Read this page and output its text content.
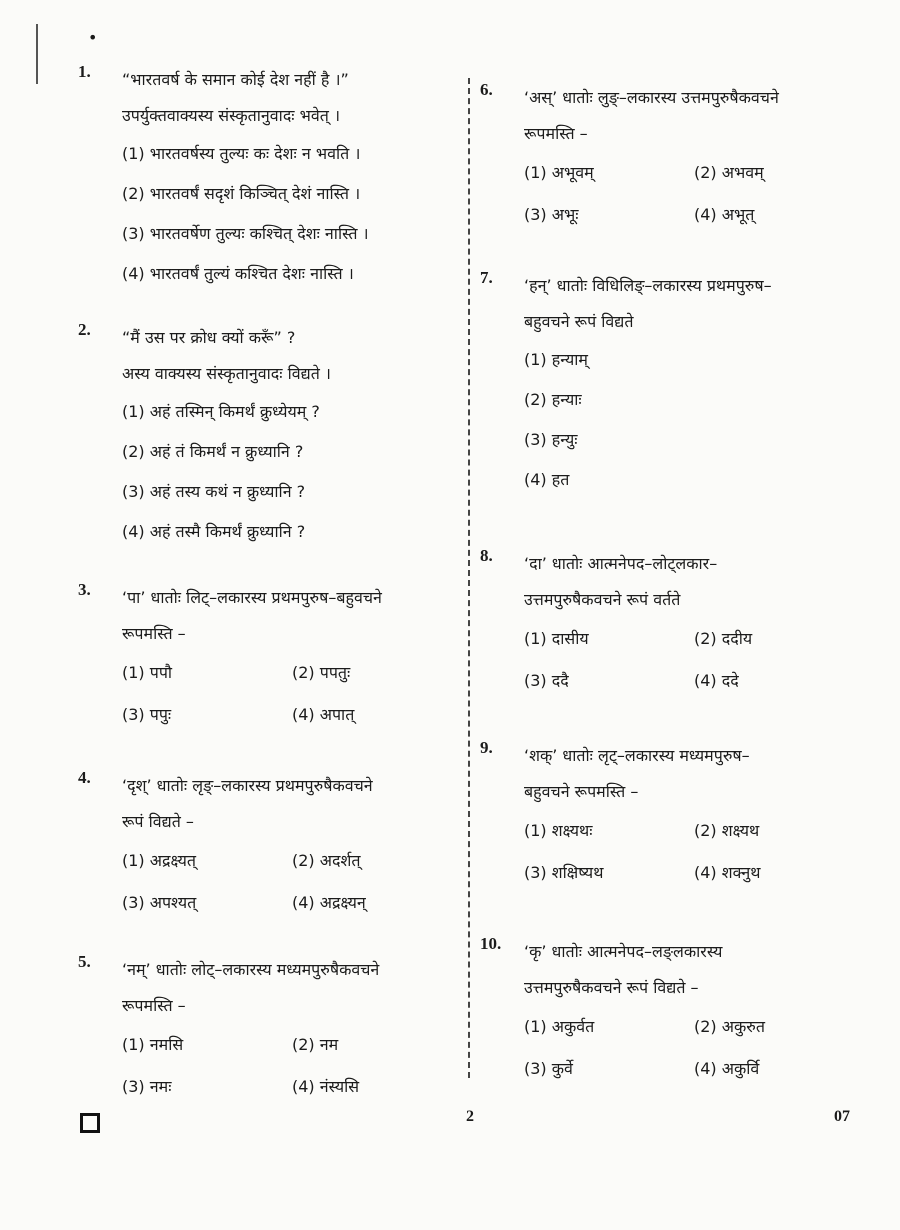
•
1. “भारतवर्ष के समान कोई देश नहीं है ।”
उपर्युक्तवाक्यस्य संस्कृतानुवादः भवेत् ।
(1) भारतवर्षस्य तुल्यः कः देशः न भवति ।
(2) भारतवर्षं सदृशं किञ्चित् देशं नास्ति ।
(3) भारतवर्षेण तुल्यः कश्चित् देशः नास्ति ।
(4) भारतवर्षं तुल्यं कश्चित देशः नास्ति ।
2. “मैं उस पर क्रोध क्यों करूँ” ?
अस्य वाक्यस्य संस्कृतानुवादः विद्यते ।
(1) अहं तस्मिन् किमर्थं क्रुध्येयम् ?
(2) अहं तं किमर्थं न क्रुध्यानि ?
(3) अहं तस्य कथं न क्रुध्यानि ?
(4) अहं तस्मै किमर्थं क्रुध्यानि ?
3. ‘पा’ धातोः लिट्–लकारस्य प्रथमपुरुष–बहुवचने
रूपमस्ति –
(1) पपौ	(2) पपतुः
(3) पपुः	(4) अपात्
4. ‘दृश्’ धातोः लृङ्–लकारस्य प्रथमपुरुषैकवचने
रूपं विद्यते –
(1) अद्रक्ष्यत्	(2) अदर्शत्
(3) अपश्यत्	(4) अद्रक्ष्यन्
5. ‘नम्’ धातोः लोट्–लकारस्य मध्यमपुरुषैकवचने
रूपमस्ति –
(1) नमसि	(2) नम
(3) नमः	(4) नंस्यसि
6. ‘अस्’ धातोः लुङ्–लकारस्य उत्तमपुरुषैकवचने
रूपमस्ति –
(1) अभूवम्	(2) अभवम्
(3) अभूः	(4) अभूत्
7. ‘हन्’ धातोः विधिलिङ्–लकारस्य प्रथमपुरुष–
बहुवचने रूपं विद्यते
(1) हन्याम्
(2) हन्याः
(3) हन्युः
(4) हत
8. ‘दा’ धातोः आत्मनेपद–लोट्लकार–
उत्तमपुरुषैकवचने रूपं वर्तते
(1) दासीय	(2) ददीय
(3) ददै	(4) ददे
9. ‘शक्’ धातोः लृट्–लकारस्य मध्यमपुरुष–
बहुवचने रूपमस्ति –
(1) शक्ष्यथः	(2) शक्ष्यथ
(3) शक्षिष्यथ	(4) शक्नुथ
10. ‘कृ’ धातोः आत्मनेपद–लङ्लकारस्य
उत्तमपुरुषैकवचने रूपं विद्यते –
(1) अकुर्वत	(2) अकुरुत
(3) कुर्वे	(4) अकुर्वि
2	07
